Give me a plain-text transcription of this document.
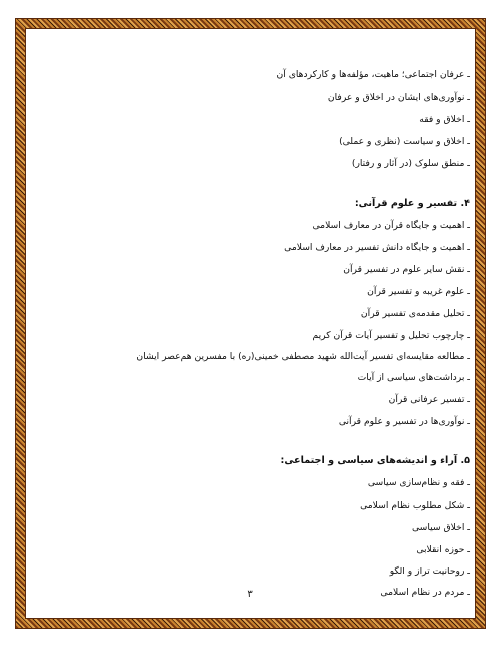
ـ عرفان اجتماعی؛ ماهیت، مؤلفه‌ها و کارکردهای آن
ـ نوآوری‌های ایشان در اخلاق و عرفان
ـ اخلاق و فقه
ـ اخلاق و سیاست (نظری و عملی)
ـ منطق سلوک (در آثار و رفتار)
۴. تفسیر و علوم قرآنی:
ـ اهمیت و جایگاه قرآن در معارف اسلامی
ـ اهمیت و جایگاه دانش تفسیر در معارف اسلامی
ـ نقش سایر علوم در تفسیر قرآن
ـ علوم غریبه و تفسیر قرآن
ـ تحلیل مقدمه‌ی تفسیر قرآن
ـ چارچوب تحلیل و تفسیر آیات قرآن کریم
ـ مطالعه مقایسه‌ای تفسیر آیت‌الله شهید مصطفی خمینی(ره) با مفسرین هم‌عصر ایشان
ـ برداشت‌های سیاسی از آیات
ـ تفسیر عرفانی قرآن
ـ نوآوری‌ها در تفسیر و علوم قرآنی
۵. آراء و اندیشه‌های سیاسی و اجتماعی:
ـ فقه و نظام‌سازی سیاسی
ـ شکل مطلوب نظام اسلامی
ـ اخلاق سیاسی
ـ حوزه انقلابی
ـ روحانیت تراز و الگو
ـ مردم در نظام اسلامی
۳
